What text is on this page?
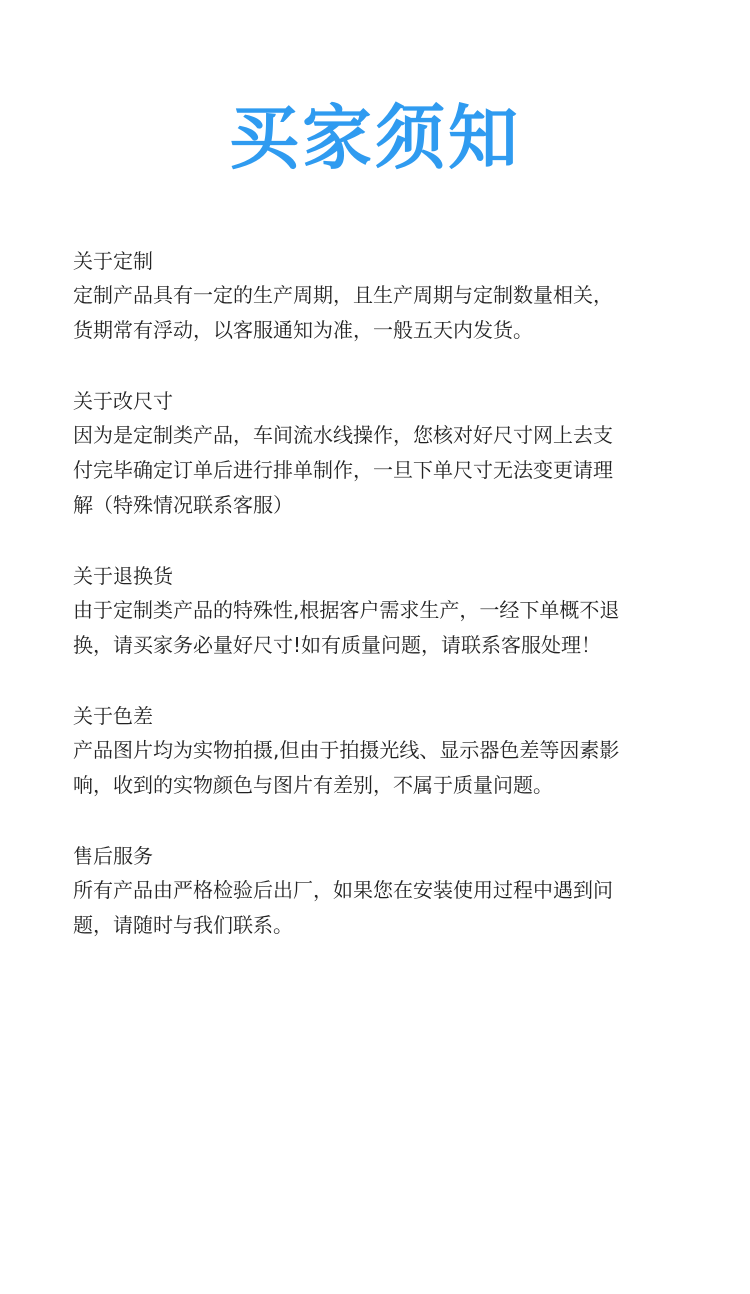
买家须知
关于定制
定制产品具有一定的生产周期，且生产周期与定制数量相关，
货期常有浮动，以客服通知为准，一般五天内发货。
关于改尺寸
因为是定制类产品，车间流水线操作，您核对好尺寸网上去支
付完毕确定订单后进行排单制作，一旦下单尺寸无法变更请理
解（特殊情况联系客服）
关于退换货
由于定制类产品的特殊性,根据客户需求生产，一经下单概不退
换，请买家务必量好尺寸!如有质量问题，请联系客服处理！
关于色差
产品图片均为实物拍摄,但由于拍摄光线、显示器色差等因素影
响，收到的实物颜色与图片有差别，不属于质量问题。
售后服务
所有产品由严格检验后出厂，如果您在安装使用过程中遇到问
题，请随时与我们联系。
